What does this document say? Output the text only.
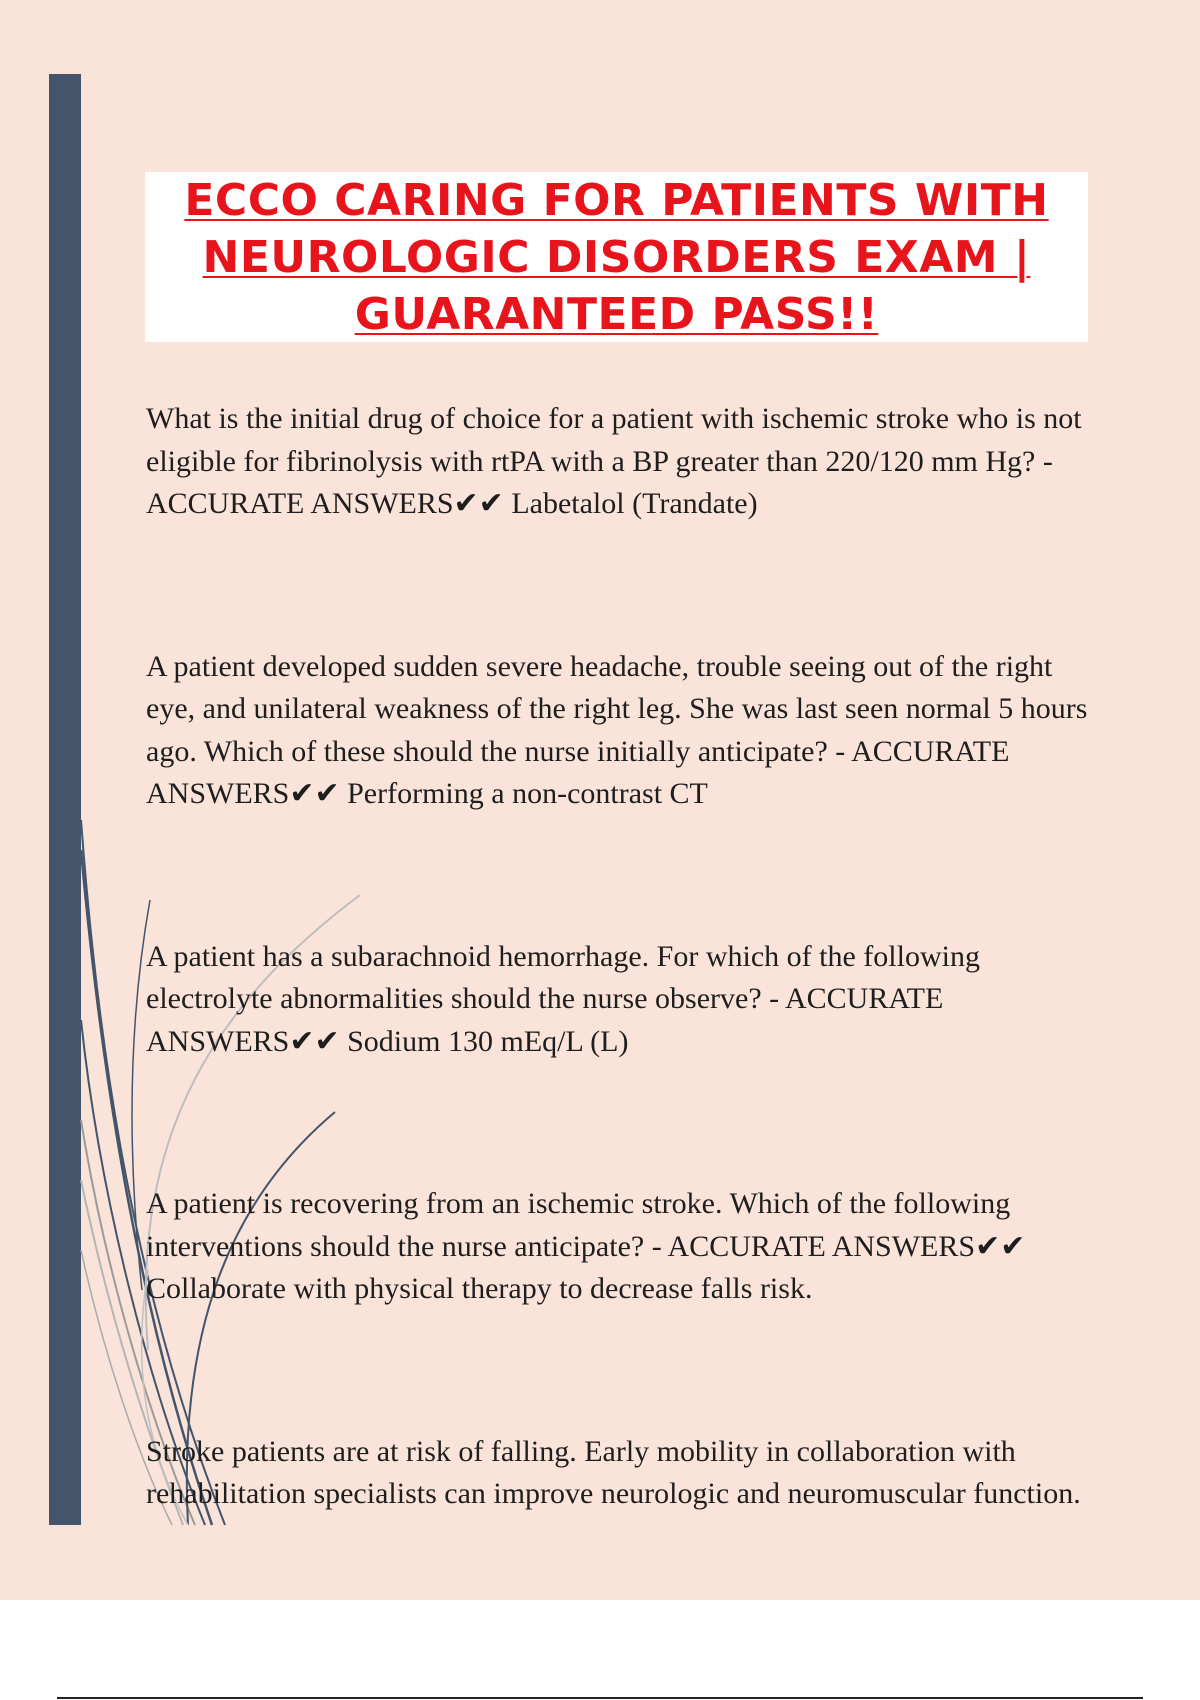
ECCO CARING FOR PATIENTS WITH NEUROLOGIC DISORDERS EXAM | GUARANTEED PASS!!

What is the initial drug of choice for a patient with ischemic stroke who is not eligible for fibrinolysis with rtPA with a BP greater than 220/120 mm Hg? - ACCURATE ANSWERS✔✔ Labetalol (Trandate)

A patient developed sudden severe headache, trouble seeing out of the right eye, and unilateral weakness of the right leg. She was last seen normal 5 hours ago. Which of these should the nurse initially anticipate? - ACCURATE ANSWERS✔✔ Performing a non-contrast CT

A patient has a subarachnoid hemorrhage. For which of the following electrolyte abnormalities should the nurse observe? - ACCURATE ANSWERS✔✔ Sodium 130 mEq/L (L)

A patient is recovering from an ischemic stroke. Which of the following interventions should the nurse anticipate? - ACCURATE ANSWERS✔✔ Collaborate with physical therapy to decrease falls risk.

Stroke patients are at risk of falling. Early mobility in collaboration with rehabilitation specialists can improve neurologic and neuromuscular function.
